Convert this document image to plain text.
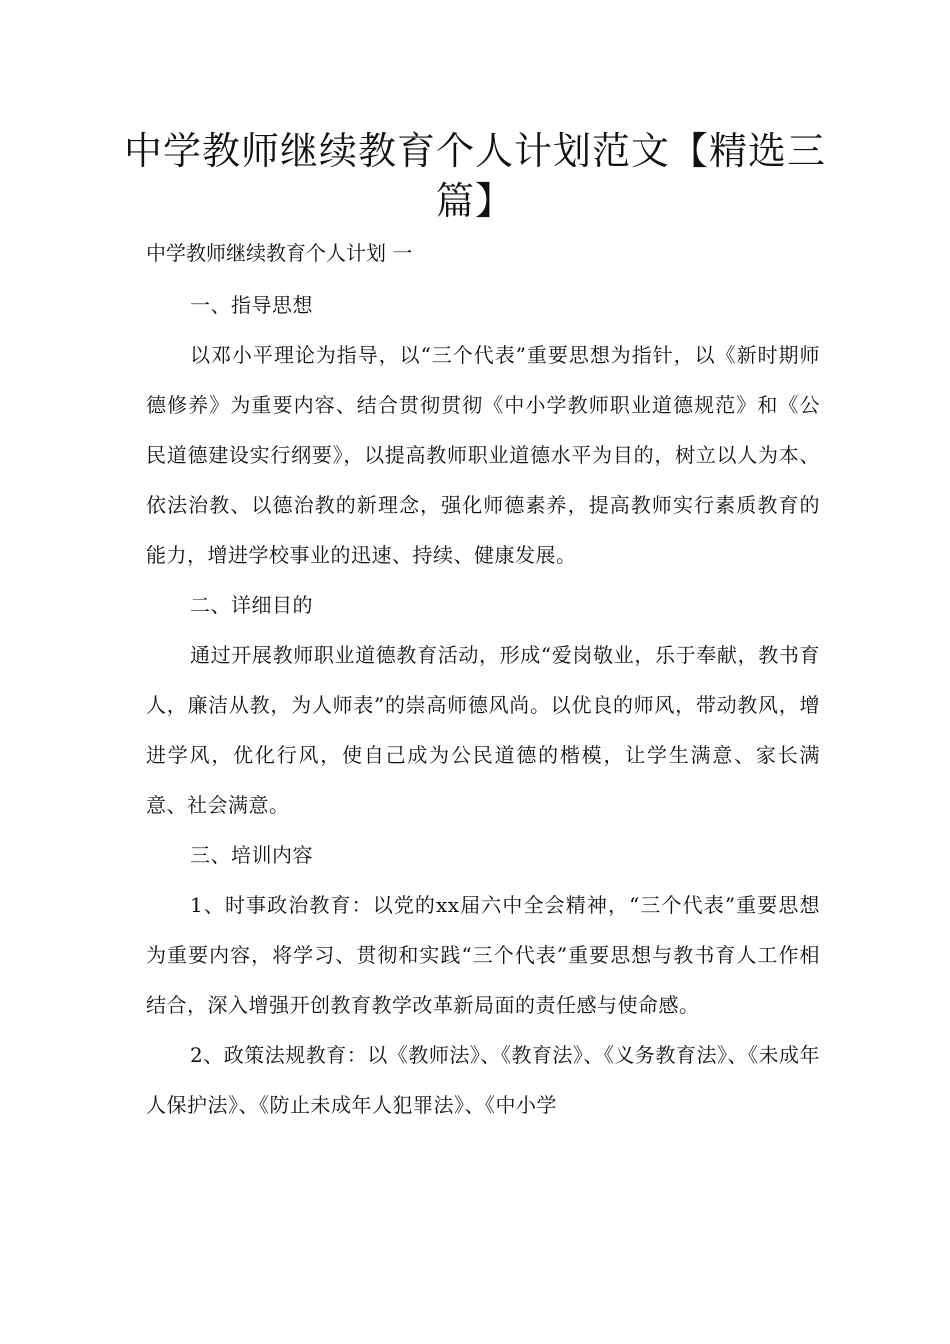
中学教师继续教育个人计划范文【精选三篇】

中学教师继续教育个人计划 一

一、指导思想

以邓小平理论为指导，以“三个代表”重要思想为指针，以《新时期师德修养》为重要内容、结合贯彻贯彻《中小学教师职业道德规范》和《公民道德建设实行纲要》，以提高教师职业道德水平为目的，树立以人为本、依法治教、以德治教的新理念，强化师德素养，提高教师实行素质教育的能力，增进学校事业的迅速、持续、健康发展。

二、详细目的

通过开展教师职业道德教育活动，形成“爱岗敬业，乐于奉献，教书育人，廉洁从教，为人师表”的崇高师德风尚。以优良的师风，带动教风，增进学风，优化行风，使自己成为公民道德的楷模，让学生满意、家长满意、社会满意。

三、培训内容

1、时事政治教育：以党的xx届六中全会精神，“三个代表”重要思想为重要内容，将学习、贯彻和实践“三个代表”重要思想与教书育人工作相结合，深入增强开创教育教学改革新局面的责任感与使命感。

2、政策法规教育：以《教师法》、《教育法》、《义务教育法》、《未成年人保护法》、《防止未成年人犯罪法》、《中小学
